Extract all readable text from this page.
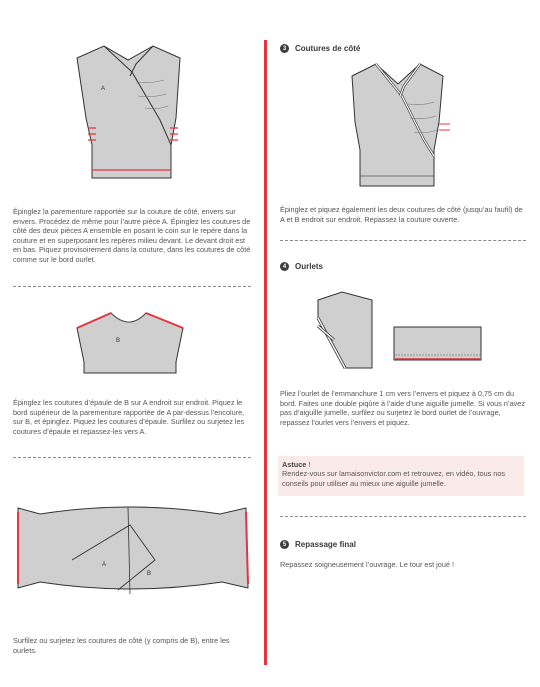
A
Épinglez la parementure rapportée sur la couture de côté, envers sur envers. Procédez de même pour l’autre pièce A. Épinglez les coutures de côté des deux pièces A ensemble en posant le coin sur le repère dans la couture et en superposant les repères milieu devant. Le devant droit est en bas. Piquez provisoirement dans la couture, dans les coutures de côté comme sur le bord ourlet.
B
Épinglez les coutures d’épaule de B sur A endroit sur endroit. Piquez le bord supérieur de la parementure rapportée de A par-dessus l’encolure, sur B, et épinglez. Piquez les coutures d’épaule. Surfilez ou surjetez les coutures d’épaule et repassez-les vers A.
A
B
Surfilez ou surjetez les coutures de côté (y compris de B), entre les ourlets.
3	Coutures de côté
Épinglez et piquez également les deux coutures de côté (jusqu’au faufil) de A et B endroit sur endroit. Repassez la couture ouverte.
4	Ourlets
Pliez l’ourlet de l’emmanchure 1 cm vers l’envers et piquez à 0,75 cm du bord. Faites une double piqûre à l’aide d’une aiguille jumelle. Si vous n’avez pas d’aiguille jumelle, surfilez ou surjetez le bord ourlet de l’ouvrage, repassez l’ourlet vers l’envers et piquez.
Astuce !
Rendez-vous sur lamaisonvictor.com et retrouvez, en vidéo, tous nos conseils pour utiliser au mieux une aiguille jumelle.
5	Repassage final
Repassez soigneusement l’ouvrage. Le tour est joué !
